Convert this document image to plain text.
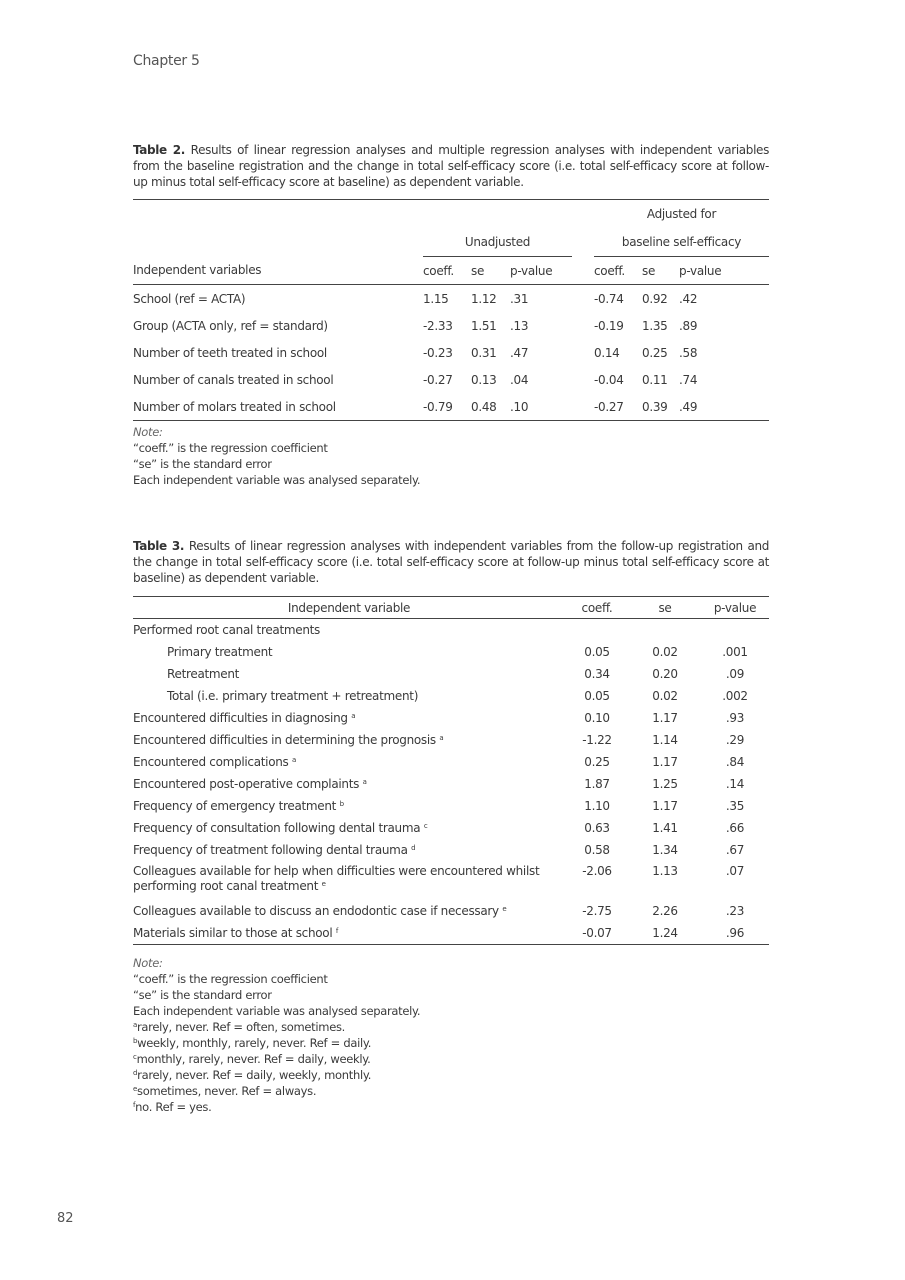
Chapter 5
Table 2. Results of linear regression analyses and multiple regression analyses with independent variables from the baseline registration and the change in total self-efficacy score (i.e. total self-efficacy score at follow-up minus total self-efficacy score at baseline) as dependent variable.

					Adjusted for		
	Unadjusted				baseline self-efficacy		
Independent variables	coeff.	se	p-value		coeff.	se	p-value
School (ref = ACTA)	1.15	1.12	.31		-0.74	0.92	.42
Group (ACTA only, ref = standard)	-2.33	1.51	.13		-0.19	1.35	.89
Number of teeth treated in school	-0.23	0.31	.47		0.14	0.25	.58
Number of canals treated in school	-0.27	0.13	.04		-0.04	0.11	.74
Number of molars treated in school	-0.79	0.48	.10		-0.27	0.39	.49
Note:
“coeff.” is the regression coefficient
“se” is the standard error
Each independent variable was analysed separately.
Table 3. Results of linear regression analyses with independent variables from the follow-up registration and the change in total self-efficacy score (i.e. total self-efficacy score at follow-up minus total self-efficacy score at baseline) as dependent variable.
Independent variable	coeff.	se	p-value
Performed root canal treatments			
Primary treatment	0.05	0.02	.001
Retreatment	0.34	0.20	.09
Total (i.e. primary treatment + retreatment)	0.05	0.02	.002
Encountered difficulties in diagnosing $^a$	0.10	1.17	.93
Encountered difficulties in determining the prognosis $^a$	-1.22	1.14	.29
Encountered complications $^a$	0.25	1.17	.84
Encountered post-operative complaints $^a$	1.87	1.25	.14
Frequency of emergency treatment $^b$	1.10	1.17	.35
Frequency of consultation following dental trauma $^c$	0.63	1.41	.66
Frequency of treatment following dental trauma $^d$	0.58	1.34	.67
Colleagues available for help when difficulties were encountered whilst performing root canal treatment $^e$	-2.06	1.13	.07
Colleagues available to discuss an endodontic case if necessary $^e$	-2.75	2.26	.23
Materials similar to those at school $^f$	-0.07	1.24	.96
Note:
“coeff.” is the regression coefficient
“se” is the standard error
Each independent variable was analysed separately.
$^a$rarely, never. Ref = often, sometimes.
$^b$weekly, monthly, rarely, never. Ref = daily.
$^c$monthly, rarely, never. Ref = daily, weekly.
$^d$rarely, never. Ref = daily, weekly, monthly.
$^e$sometimes, never. Ref = always.
$^f$no. Ref = yes.
82
